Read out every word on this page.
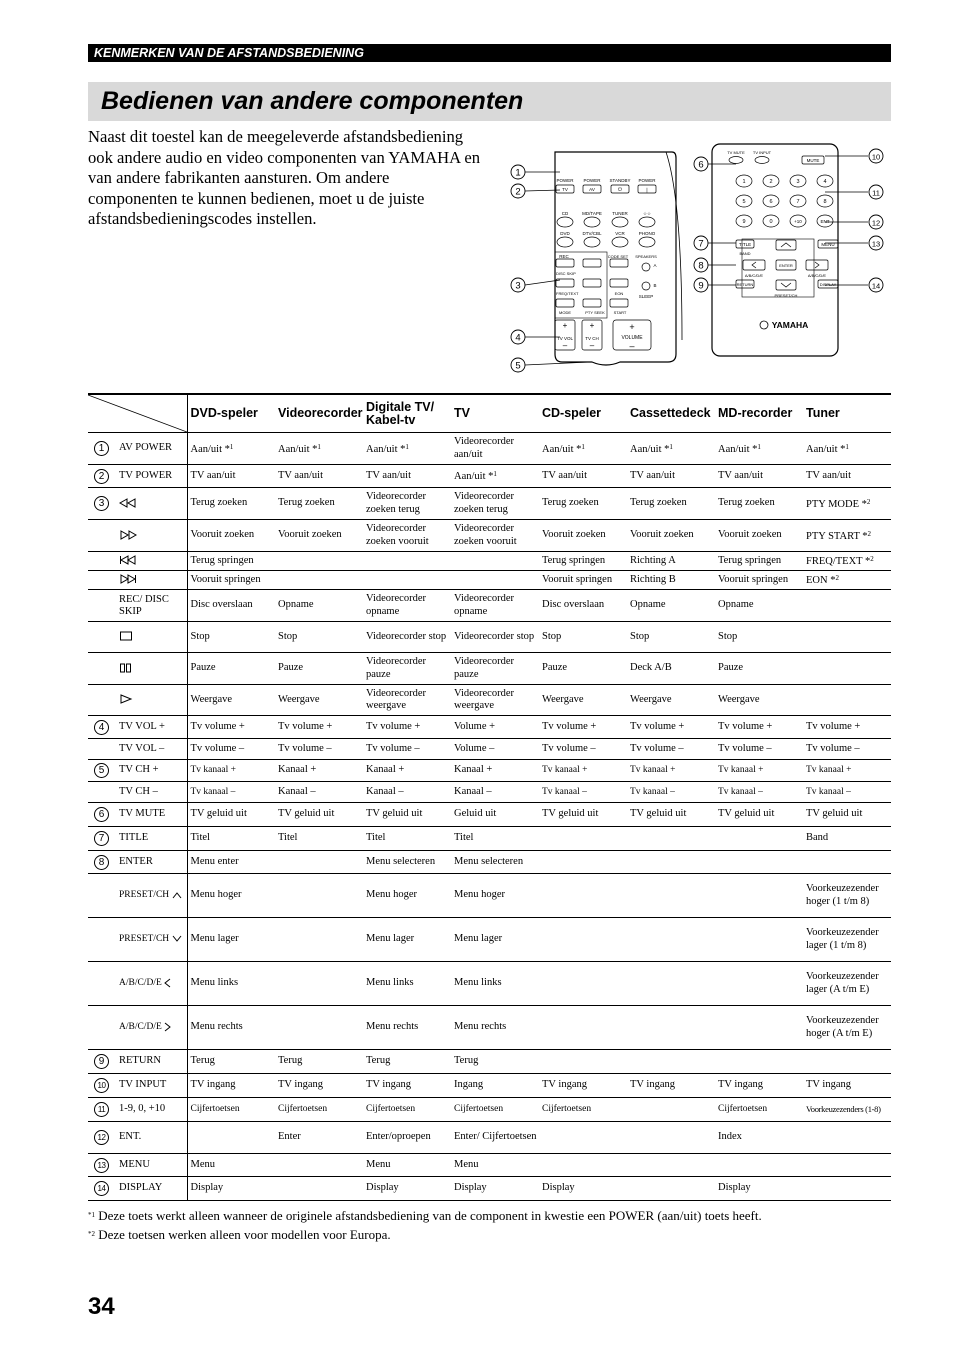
KENMERKEN VAN DE AFSTANDSBEDIENING
Bedienen van andere componenten

Naast dit toestel kan de meegeleverde afstandsbediening ook andere audio en video componenten van YAMAHA en van andere fabrikanten aansturen. Om andere componenten te kunnen bedienen, moet u de juiste afstandsbedieningscodes instellen.

1
2
3
4
5
POWER POWER STANDBY POWER
TV	AV	⏻	❘
CD	MD/TAPE TUNER	☆☆
DVD	DTV/CBL	VCR	PHONO
REC	CODE SET SPEAKERS
DISC SKIP
A
B
FREQ/TEXT	EON
SLEEP
MODE	PTY SEEK START
+
–
+
–
TV VOL	TV CH
+
–
VOLUME
TV MUTE TV INPUT
MUTE
1	2	3	4
5	6	7	8
9	0	+10	ENT
TITLE
BAND
MENU
ENTER
A/B/C/D/E	A/B/C/D/E
RETURN
PRESET/CH
DISPLAY
YAMAHA
6
7
8
9
10
11
12
13
14
	DVD-speler	Videorecorder	Digitale TV/ Kabel-tv	TV	CD-speler	Cassettedeck	MD-recorder	Tuner
1	AV POWER	Aan/uit *$^1$	Aan/uit *$^1$	Aan/uit *$^1$	Videorecorder aan/uit	Aan/uit *$^1$	Aan/uit *$^1$	Aan/uit *$^1$	Aan/uit *$^1$
2	TV POWER	TV aan/uit	TV aan/uit	TV aan/uit	Aan/uit *$^1$	TV aan/uit	TV aan/uit	TV aan/uit	TV aan/uit
3		Terug zoeken	Terug zoeken	Videorecorder zoeken terug	Videorecorder zoeken terug	Terug zoeken	Terug zoeken	Terug zoeken	PTY MODE *$^2$
		Vooruit zoeken	Vooruit zoeken	Videorecorder zoeken vooruit	Videorecorder zoeken vooruit	Vooruit zoeken	Vooruit zoeken	Vooruit zoeken	PTY START *$^2$
		Terug springen				Terug springen	Richting A	Terug springen	FREQ/TEXT *$^2$
		Vooruit springen				Vooruit springen	Richting B	Vooruit springen	EON *$^2$
	REC/ DISC SKIP	Disc overslaan	Opname	Videorecorder opname	Videorecorder opname	Disc overslaan	Opname	Opname	
		Stop	Stop	Videorecorder stop	Videorecorder stop	Stop	Stop	Stop	
		Pauze	Pauze	Videorecorder pauze	Videorecorder pauze	Pauze	Deck A/B	Pauze	
		Weergave	Weergave	Videorecorder weergave	Videorecorder weergave	Weergave	Weergave	Weergave	
4	TV VOL +	Tv volume +	Tv volume +	Tv volume +	Volume +	Tv volume +	Tv volume +	Tv volume +	Tv volume +
	TV VOL –	Tv volume –	Tv volume –	Tv volume –	Volume –	Tv volume –	Tv volume –	Tv volume –	Tv volume –
5	TV CH +	Tv kanaal +	Kanaal +	Kanaal +	Kanaal +	Tv kanaal +	Tv kanaal +	Tv kanaal +	Tv kanaal +
	TV CH –	Tv kanaal –	Kanaal –	Kanaal –	Kanaal –	Tv kanaal –	Tv kanaal –	Tv kanaal –	Tv kanaal –
6	TV MUTE	TV geluid uit	TV geluid uit	TV geluid uit	Geluid uit	TV geluid uit	TV geluid uit	TV geluid uit	TV geluid uit
7	TITLE	Titel	Titel	Titel	Titel				Band
8	ENTER	Menu enter		Menu selecteren	Menu selecteren				
	PRESET/CH	Menu hoger		Menu hoger	Menu hoger				Voorkeuzezender hoger (1 t/m 8)
	PRESET/CH	Menu lager		Menu lager	Menu lager				Voorkeuzezender lager (1 t/m 8)
	A/B/C/D/E	Menu links		Menu links	Menu links				Voorkeuzezender lager (A t/m E)
	A/B/C/D/E	Menu rechts		Menu rechts	Menu rechts				Voorkeuzezender hoger (A t/m E)
9	RETURN	Terug	Terug	Terug	Terug				
10	TV INPUT	TV ingang	TV ingang	TV ingang	Ingang	TV ingang	TV ingang	TV ingang	TV ingang
11	1-9, 0, +10	Cijfertoetsen	Cijfertoetsen	Cijfertoetsen	Cijfertoetsen	Cijfertoetsen		Cijfertoetsen	Voorkeuzezenders (1-8)
12	ENT.		Enter	Enter/oproepen	Enter/ Cijfertoetsen			Index	
13	MENU	Menu		Menu	Menu				
14	DISPLAY	Display		Display	Display	Display		Display	
$^{*1}$ Deze toets werkt alleen wanneer de originele afstandsbediening van de component in kwestie een POWER (aan/uit) toets heeft.
$^{*2}$ Deze toetsen werken alleen voor modellen voor Europa.
34
